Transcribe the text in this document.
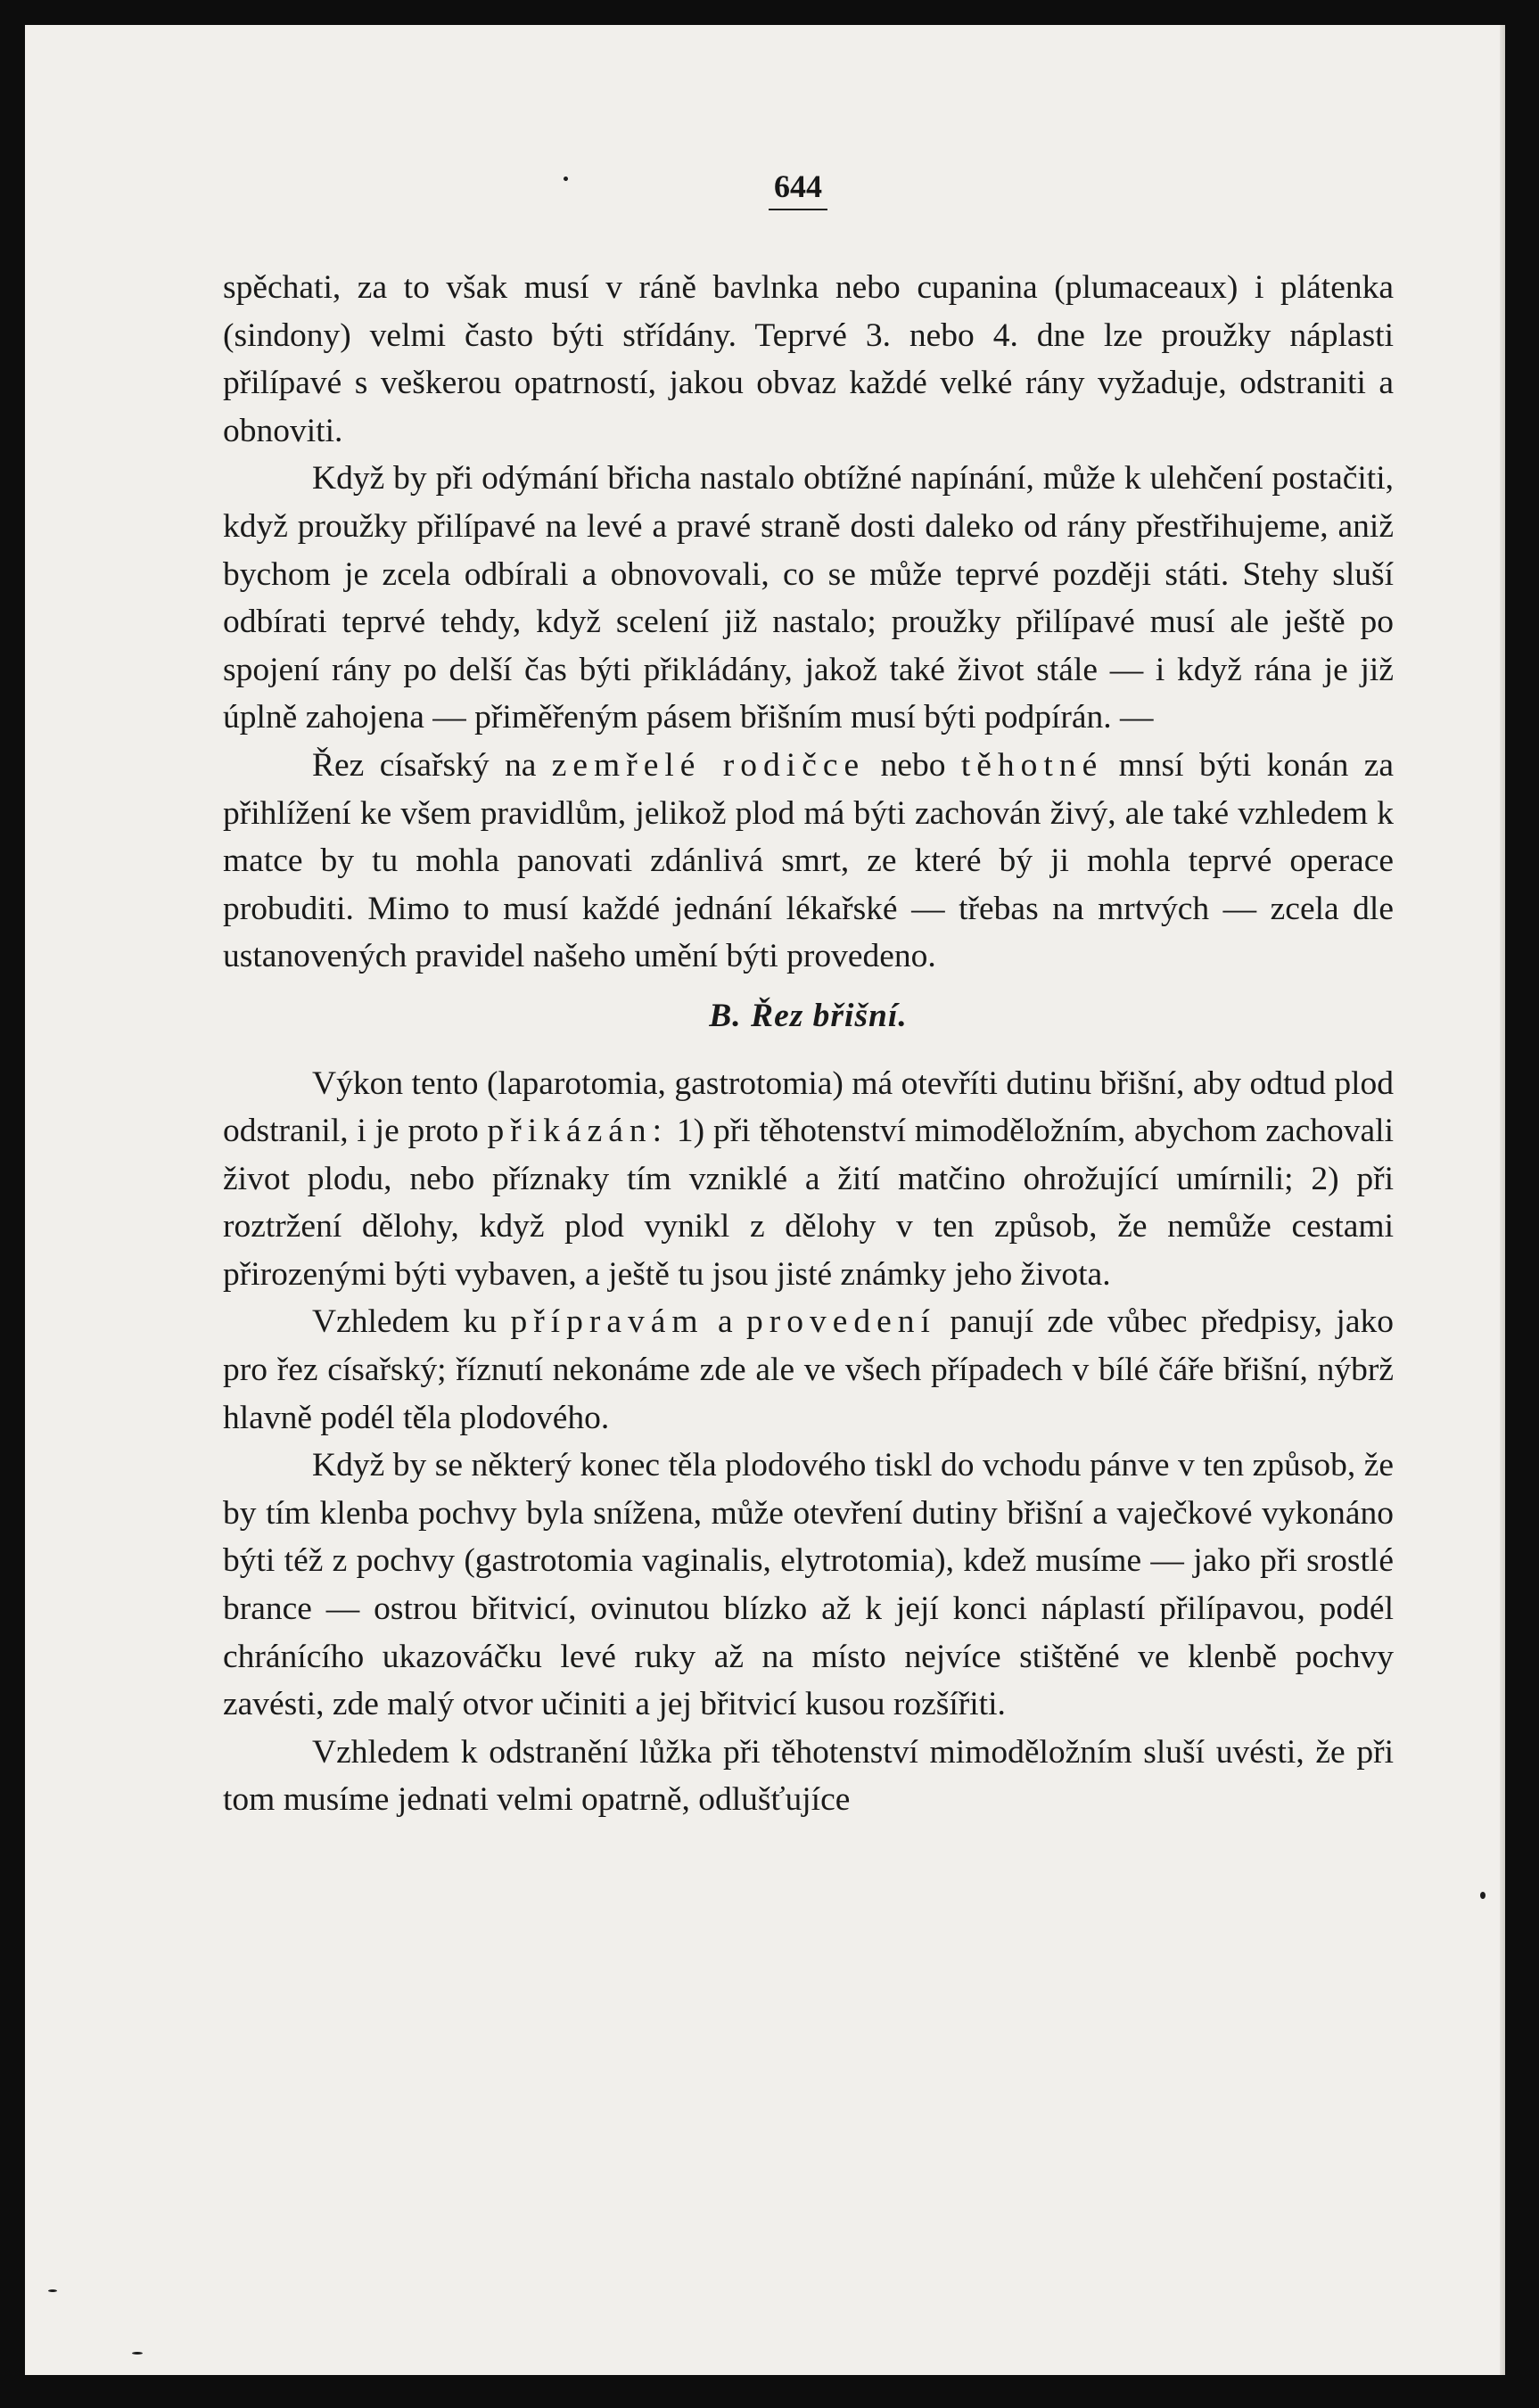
644

spěchati, za to však musí v ráně bavlnka nebo cupanina (plumaceaux) i plátenka (sindony) velmi často býti střídány. Teprvé 3. nebo 4. dne lze proužky náplasti přilípavé s veškerou opatrností, jakou obvaz každé velké rány vyžaduje, odstraniti a obnoviti.

Když by při odýmání břicha nastalo obtížné napínání, může k ulehčení postačiti, když proužky přilípavé na levé a pravé straně dosti daleko od rány přestřihujeme, aniž bychom je zcela odbírali a obnovovali, co se může teprvé později státi. Stehy sluší odbírati teprvé tehdy, když scelení již nastalo; proužky přilípavé musí ale ještě po spojení rány po delší čas býti přikládány, jakož také život stále — i když rána je již úplně zahojena — přiměřeným pásem břišním musí býti podpírán. —

Řez císařský na zemřelé rodičce nebo těhotné mnsí býti konán za přihlížení ke všem pravidlům, jelikož plod má býti zachován živý, ale také vzhledem k matce by tu mohla panovati zdánlivá smrt, ze které bý ji mohla teprvé operace probuditi. Mimo to musí každé jednání lékařské — třebas na mrtvých — zcela dle ustanovených pravidel našeho umění býti provedeno.

B. Řez břišní.

Výkon tento (laparotomia, gastrotomia) má otevříti dutinu břišní, aby odtud plod odstranil, i je proto přikázán: 1) při těhotenství mimoděložním, abychom zachovali život plodu, nebo příznaky tím vzniklé a žití matčino ohrožující umírnili; 2) při roztržení dělohy, když plod vynikl z dělohy v ten způsob, že nemůže cestami přirozenými býti vybaven, a ještě tu jsou jisté známky jeho života.

Vzhledem ku přípravám a provedení panují zde vůbec předpisy, jako pro řez císařský; říznutí nekonáme zde ale ve všech případech v bílé čáře břišní, nýbrž hlavně podél těla plodového.

Když by se některý konec těla plodového tiskl do vchodu pánve v ten způsob, že by tím klenba pochvy byla snížena, může otevření dutiny břišní a vaječkové vykonáno býti též z pochvy (gastrotomia vaginalis, elytrotomia), kdež musíme — jako při srostlé brance — ostrou břitvicí, ovinutou blízko až k její konci náplastí přilípavou, podél chránícího ukazováčku levé ruky až na místo nejvíce stištěné ve klenbě pochvy zavésti, zde malý otvor učiniti a jej břitvicí kusou rozšířiti.

Vzhledem k odstranění lůžka při těhotenství mimoděložním sluší uvésti, že při tom musíme jednati velmi opatrně, odlušťujíce
